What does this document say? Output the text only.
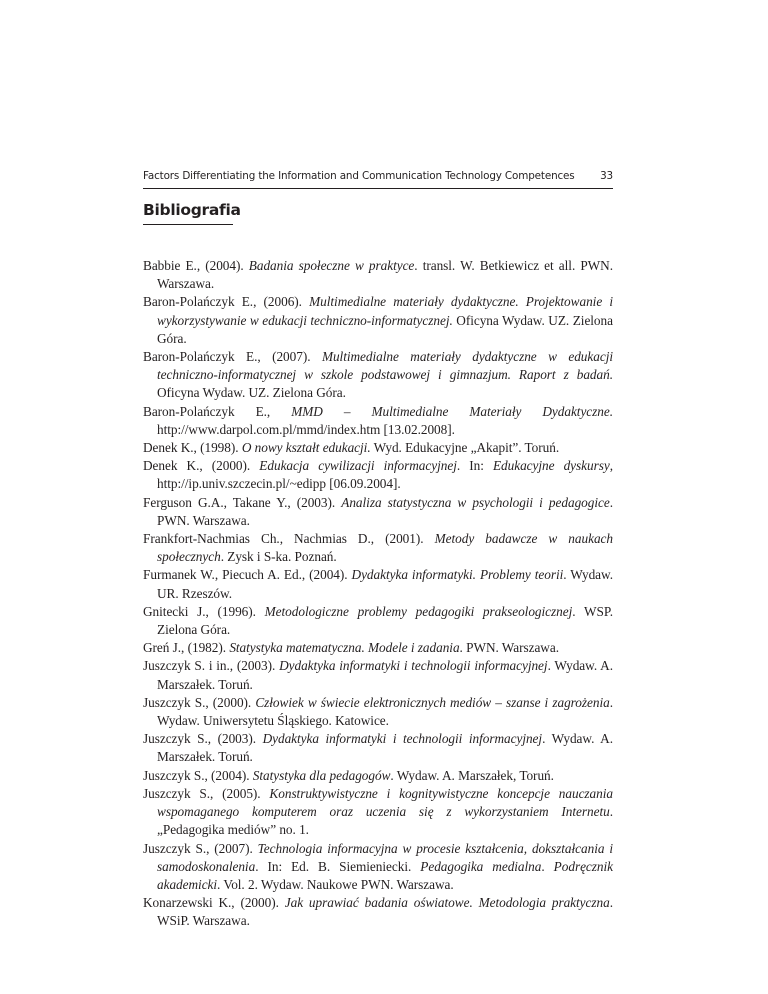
Factors Differentiating the Information and Communication Technology Competences 33
Bibliografia
Babbie E., (2004). Badania społeczne w praktyce. transl. W. Betkiewicz et all. PWN. Warszawa.
Baron-Polańczyk E., (2006). Multimedialne materiały dydaktyczne. Projektowanie i wykorzystywanie w edukacji techniczno-informatycznej. Oficyna Wydaw. UZ. Zielona Góra.
Baron-Polańczyk E., (2007). Multimedialne materiały dydaktyczne w edukacji techniczno-informatycznej w szkole podstawowej i gimnazjum. Raport z badań. Oficyna Wydaw. UZ. Zielona Góra.
Baron-Polańczyk E., MMD – Multimedialne Materiały Dydaktyczne. http://www.darpol.com.pl/mmd/index.htm [13.02.2008].
Denek K., (1998). O nowy kształt edukacji. Wyd. Edukacyjne „Akapit”. Toruń.
Denek K., (2000). Edukacja cywilizacji informacyjnej. In: Edukacyjne dyskursy, http://ip.univ.szczecin.pl/~edipp [06.09.2004].
Ferguson G.A., Takane Y., (2003). Analiza statystyczna w psychologii i pedagogice. PWN. Warszawa.
Frankfort-Nachmias Ch., Nachmias D., (2001). Metody badawcze w naukach społecznych. Zysk i S-ka. Poznań.
Furmanek W., Piecuch A. Ed., (2004). Dydaktyka informatyki. Problemy teorii. Wydaw. UR. Rzeszów.
Gnitecki J., (1996). Metodologiczne problemy pedagogiki prakseologicznej. WSP. Zielona Góra.
Greń J., (1982). Statystyka matematyczna. Modele i zadania. PWN. Warszawa.
Juszczyk S. i in., (2003). Dydaktyka informatyki i technologii informacyjnej. Wydaw. A. Marszałek. Toruń.
Juszczyk S., (2000). Człowiek w świecie elektronicznych mediów – szanse i zagrożenia. Wydaw. Uniwersytetu Śląskiego. Katowice.
Juszczyk S., (2003). Dydaktyka informatyki i technologii informacyjnej. Wydaw. A. Marszałek. Toruń.
Juszczyk S., (2004). Statystyka dla pedagogów. Wydaw. A. Marszałek, Toruń.
Juszczyk S., (2005). Konstruktywistyczne i kognitywistyczne koncepcje nauczania wspomaganego komputerem oraz uczenia się z wykorzystaniem Internetu. „Pedagogika mediów” no. 1.
Juszczyk S., (2007). Technologia informacyjna w procesie kształcenia, dokształcania i samodoskonalenia. In: Ed. B. Siemieniecki. Pedagogika medialna. Podręcznik akademicki. Vol. 2. Wydaw. Naukowe PWN. Warszawa.
Konarzewski K., (2000). Jak uprawiać badania oświatowe. Metodologia praktyczna. WSiP. Warszawa.
